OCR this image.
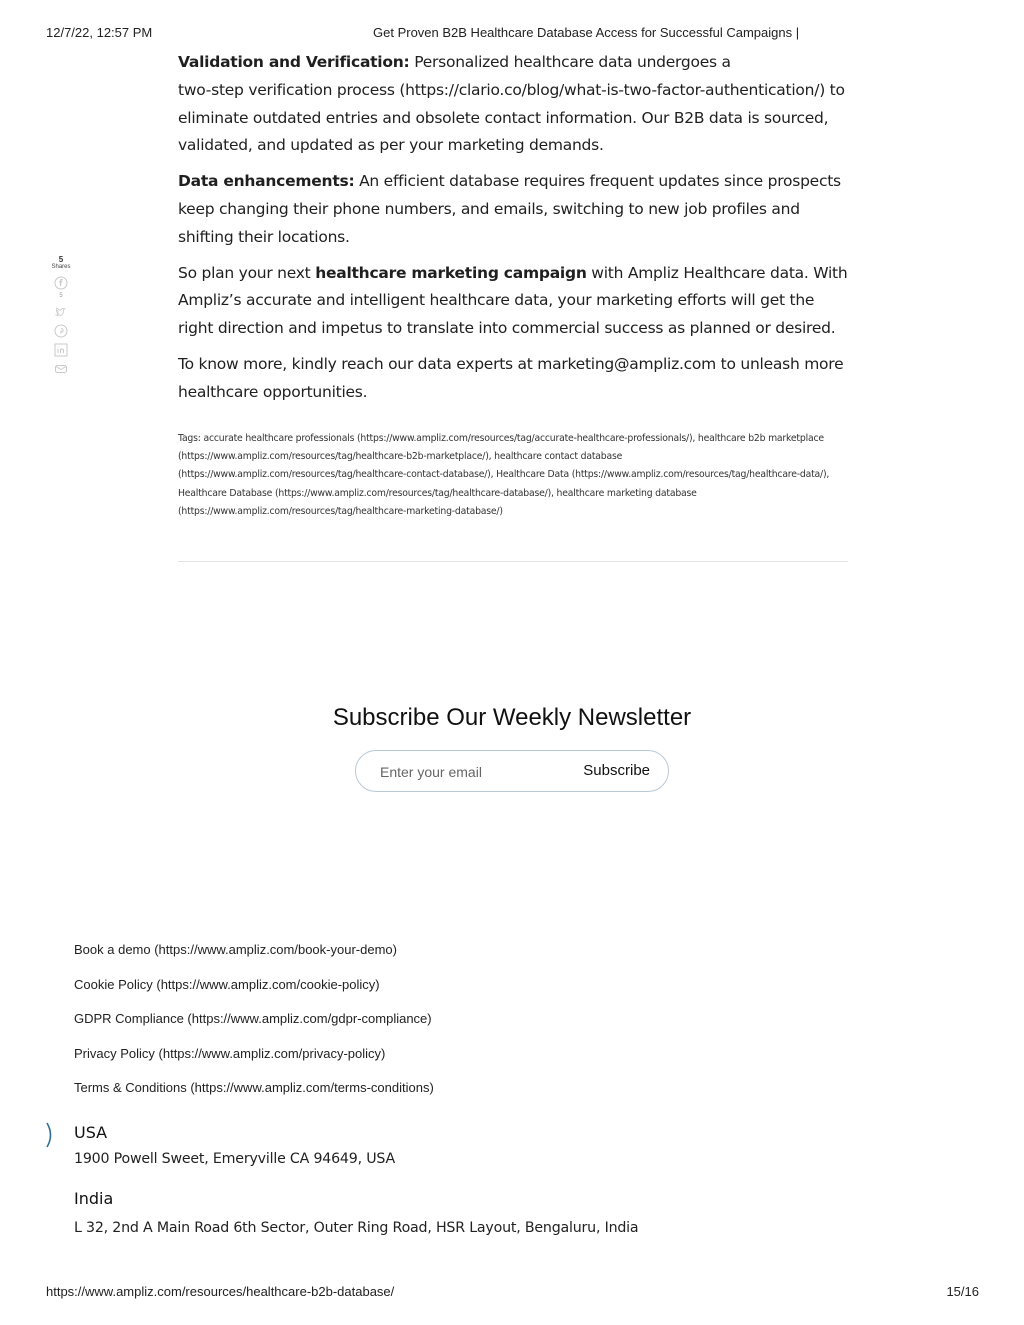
12/7/22, 12:57 PM	Get Proven B2B Healthcare Database Access for Successful Campaigns |
5
Shares
5

Validation and Verification: Personalized healthcare data undergoes a
two-step verification process (https://clario.co/blog/what-is-two-factor-authentication/) to eliminate outdated entries and obsolete contact information. Our B2B data is sourced, validated, and updated as per your marketing demands.

Data enhancements: An efficient database requires frequent updates since prospects keep changing their phone numbers, and emails, switching to new job profiles and shifting their locations.

So plan your next healthcare marketing campaign with Ampliz Healthcare data. With Ampliz’s accurate and intelligent healthcare data, your marketing efforts will get the right direction and impetus to translate into commercial success as planned or desired.

To know more, kindly reach our data experts at marketing@ampliz.com to unleash more healthcare opportunities.

Tags: accurate healthcare professionals (https://www.ampliz.com/resources/tag/accurate-healthcare-professionals/), healthcare b2b marketplace (https://www.ampliz.com/resources/tag/healthcare-b2b-marketplace/), healthcare contact database (https://www.ampliz.com/resources/tag/healthcare-contact-database/), Healthcare Data (https://www.ampliz.com/resources/tag/healthcare-data/), Healthcare Database (https://www.ampliz.com/resources/tag/healthcare-database/), healthcare marketing database (https://www.ampliz.com/resources/tag/healthcare-marketing-database/)
Subscribe Our Weekly Newsletter
Enter your email
Subscribe
Book a demo (https://www.ampliz.com/book-your-demo)
Cookie Policy (https://www.ampliz.com/cookie-policy)
GDPR Compliance (https://www.ampliz.com/gdpr-compliance)
Privacy Policy (https://www.ampliz.com/privacy-policy)
Terms & Conditions (https://www.ampliz.com/terms-conditions)
USA
1900 Powell Sweet, Emeryville CA 94649, USA
India
L 32, 2nd A Main Road 6th Sector, Outer Ring Road, HSR Layout, Bengaluru, India
https://www.ampliz.com/resources/healthcare-b2b-database/	15/16
